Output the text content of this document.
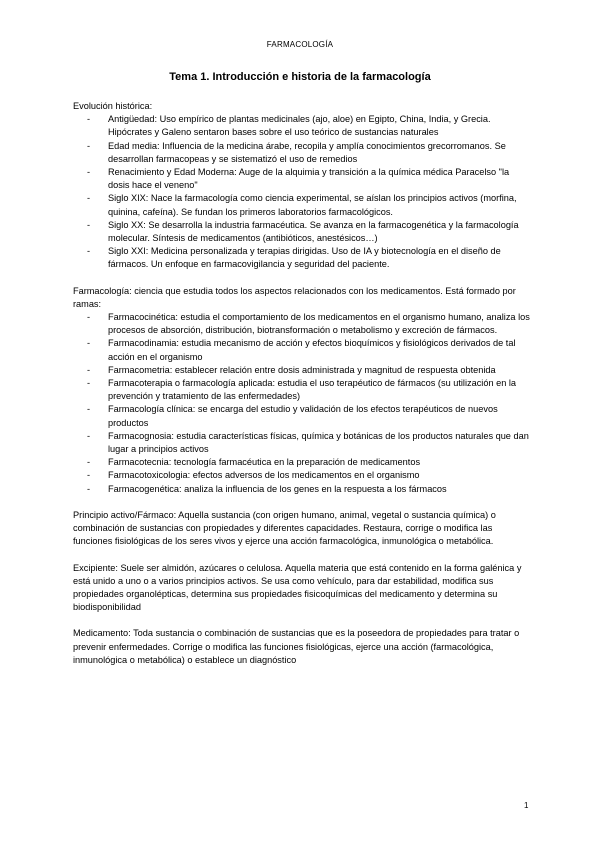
FARMACOLOGÍA
Tema 1. Introducción e historia de la farmacología

Evolución histórica:

- Antigüedad: Uso empírico de plantas medicinales (ajo, aloe) en Egipto, China, India, y Grecia. Hipócrates y Galeno sentaron bases sobre el uso teórico de sustancias naturales
- Edad media: Influencia de la medicina árabe, recopila y amplía conocimientos grecorromanos. Se desarrollan farmacopeas y se sistematizó el uso de remedios
- Renacimiento y Edad Moderna: Auge de la alquimia y transición a la química médica Paracelso "la dosis hace el veneno"
- Siglo XIX: Nace la farmacología como ciencia experimental, se aíslan los principios activos (morfina, quinina, cafeína). Se fundan los primeros laboratorios farmacológicos.
- Siglo XX: Se desarrolla la industria farmacéutica. Se avanza en la farmacogenética y la farmacología molecular. Síntesis de medicamentos (antibióticos, anestésicos…)
- Siglo XXI: Medicina personalizada y terapias dirigidas. Uso de IA y biotecnología en el diseño de fármacos. Un enfoque en farmacovigilancia y seguridad del paciente.

Farmacología: ciencia que estudia todos los aspectos relacionados con los medicamentos. Está formado por ramas:

- Farmacocinética: estudia el comportamiento de los medicamentos en el organismo humano, analiza los procesos de absorción, distribución, biotransformación o metabolismo y excreción de fármacos.
- Farmacodinamia: estudia mecanismo de acción y efectos bioquímicos y fisiológicos derivados de tal acción en el organismo
- Farmacometria: establecer relación entre dosis administrada y magnitud de respuesta obtenida
- Farmacoterapia o farmacología aplicada: estudia el uso terapéutico de fármacos (su utilización en la prevención y tratamiento de las enfermedades)
- Farmacología clínica: se encarga del estudio y validación de los efectos terapéuticos de nuevos productos
- Farmacognosia: estudia características físicas, química y botánicas de los productos naturales que dan lugar a principios activos
- Farmacotecnia: tecnología farmacéutica en la preparación de medicamentos
- Farmacotoxicologia: efectos adversos de los medicamentos en el organismo
- Farmacogenética: analiza la influencia de los genes en la respuesta a los fármacos

Principio activo/Fármaco: Aquella sustancia (con origen humano, animal, vegetal o sustancia química) o combinación de sustancias con propiedades y diferentes capacidades. Restaura, corrige o modifica las funciones fisiológicas de los seres vivos y ejerce una acción farmacológica, inmunológica o metabólica.

Excipiente: Suele ser almidón, azúcares o celulosa. Aquella materia que está contenido en la forma galénica y está unido a uno o a varios principios activos. Se usa como vehículo, para dar estabilidad, modifica sus propiedades organolépticas, determina sus propiedades fisicoquímicas del medicamento y determina su biodisponibilidad

Medicamento: Toda sustancia o combinación de sustancias que es la poseedora de propiedades para tratar o prevenir enfermedades. Corrige o modifica las funciones fisiológicas, ejerce una acción (farmacológica, inmunológica o metabólica) o establece un diagnóstico

1
